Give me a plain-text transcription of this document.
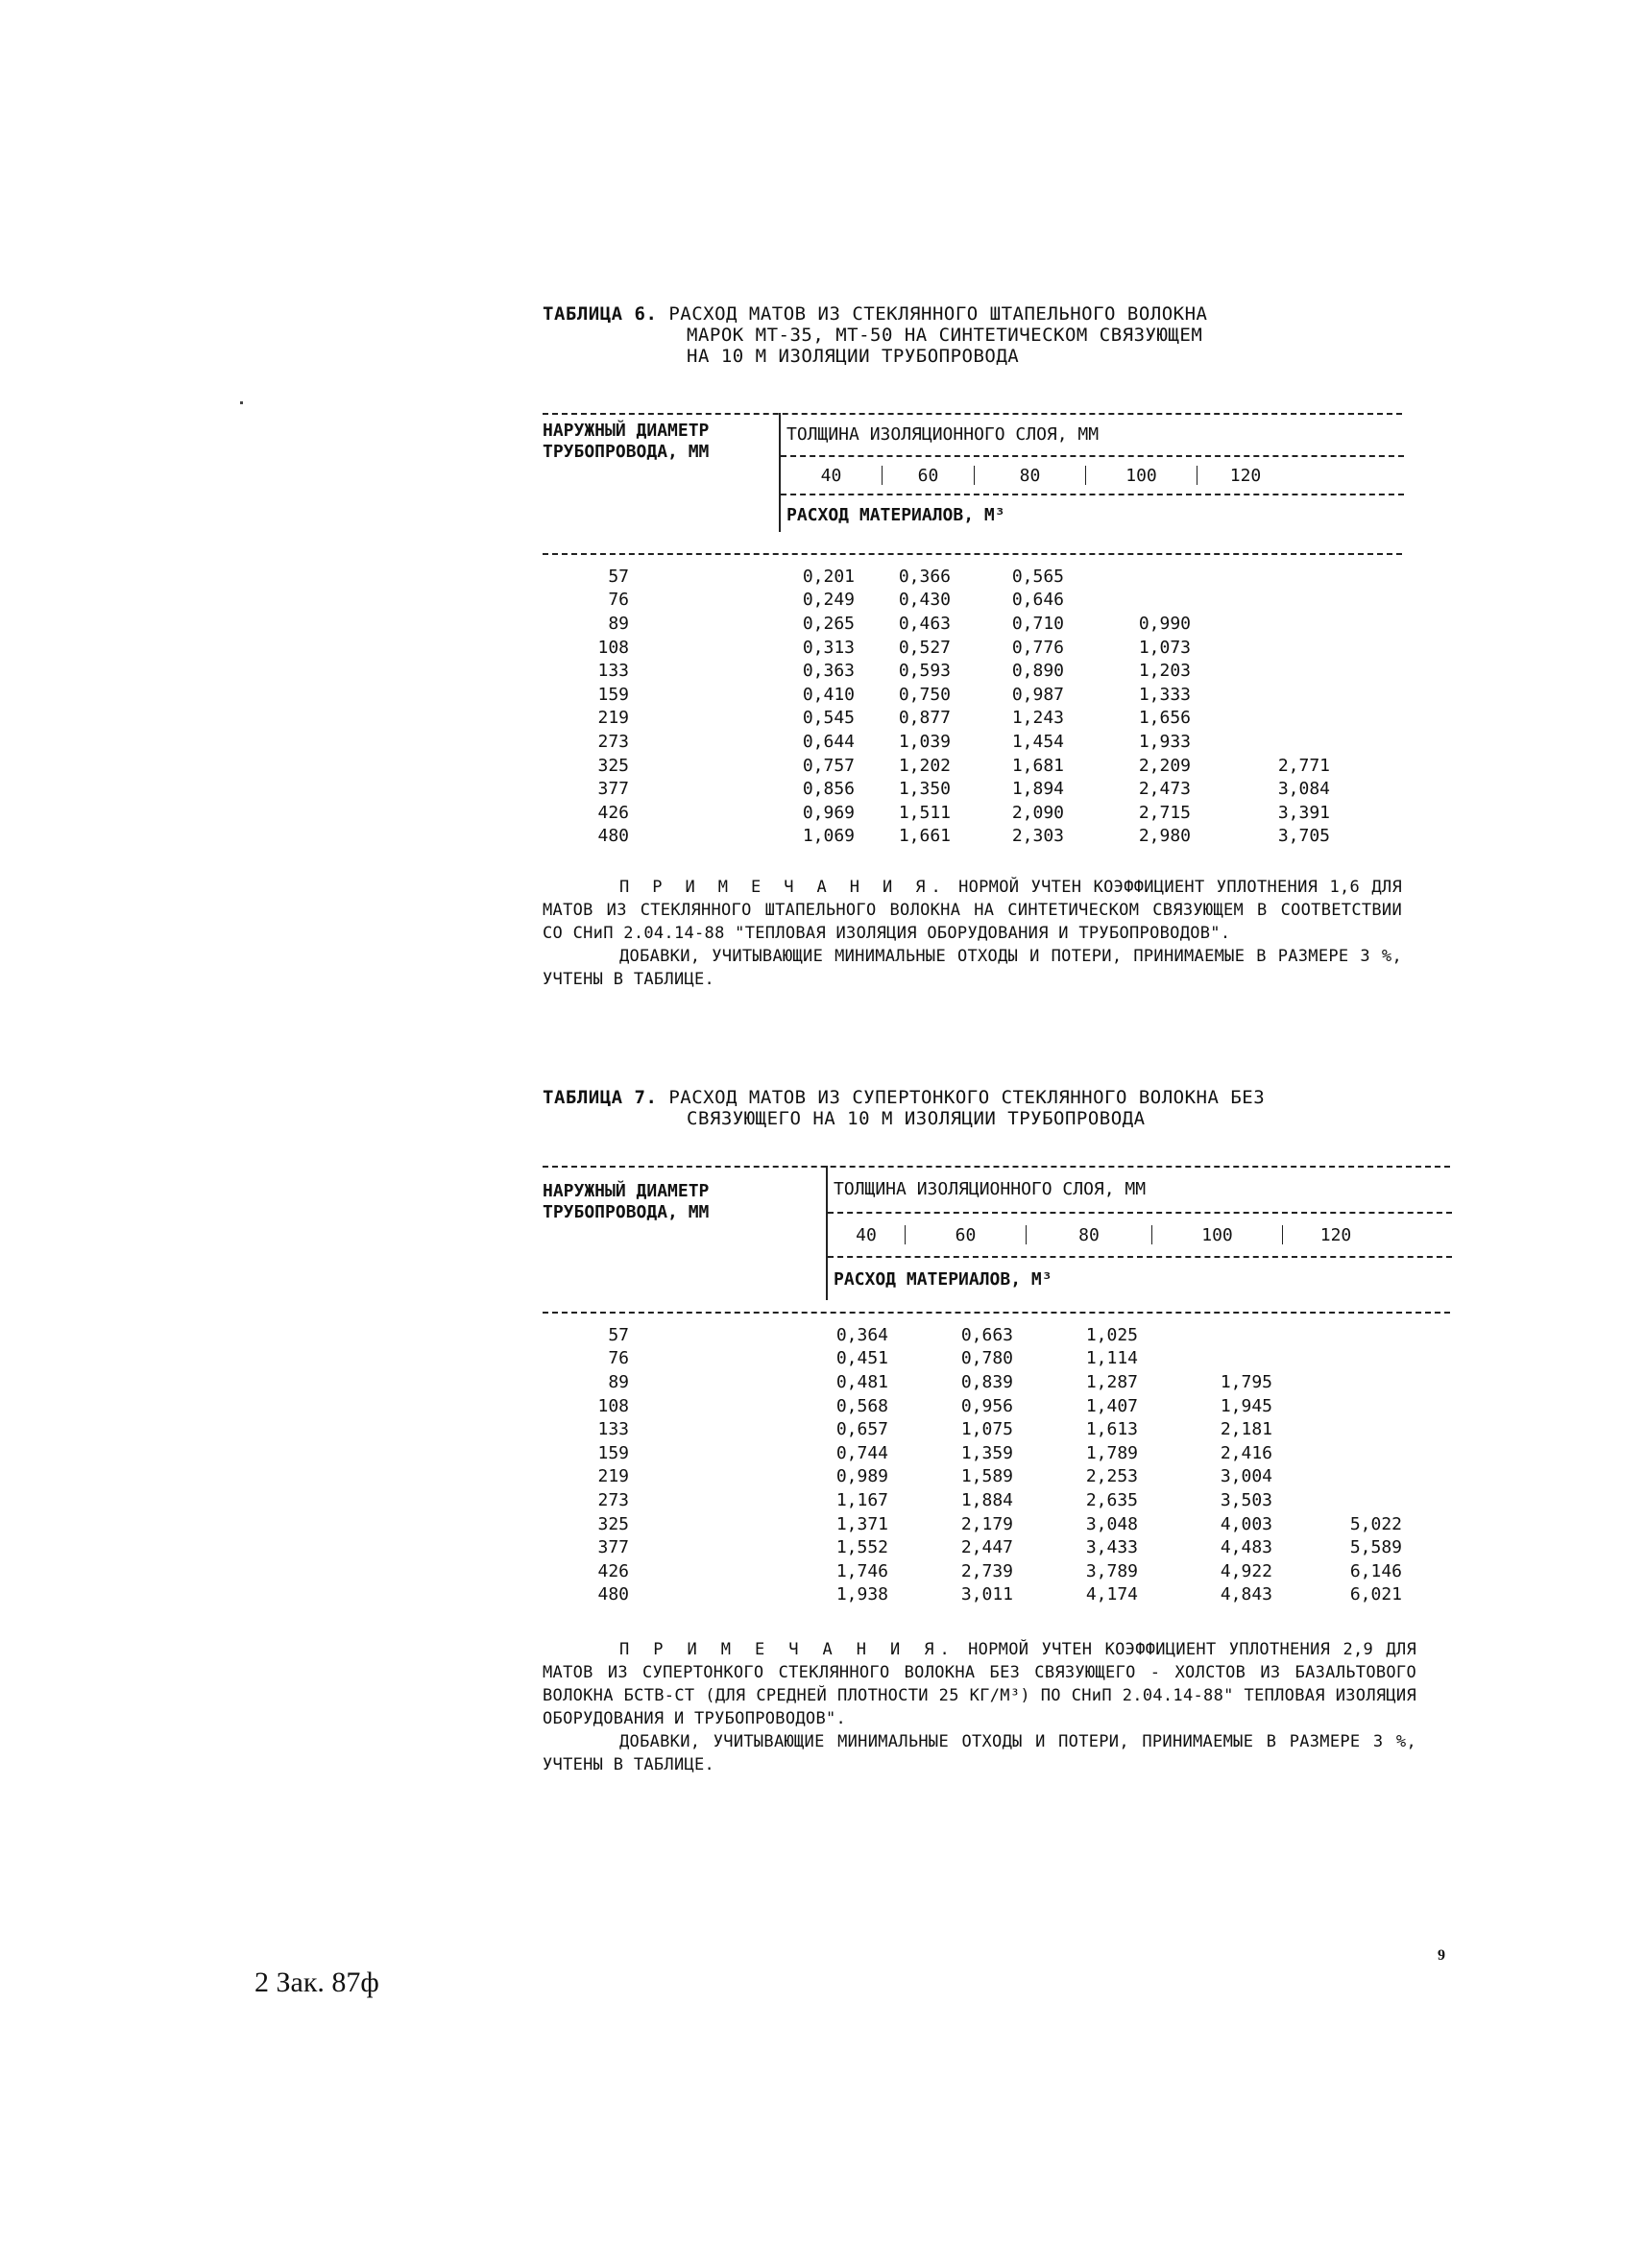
ТАБЛИЦА 6. РАСХОД МАТОВ ИЗ СТЕКЛЯННОГО ШТАПЕЛЬНОГО ВОЛОКНА
МАРОК МТ-35, МТ-50 НА СИНТЕТИЧЕСКОМ СВЯЗУЮЩЕМ
НА 10 М ИЗОЛЯЦИИ ТРУБОПРОВОДА
НАРУЖНЫЙ ДИАМЕТР
ТРУБОПРОВОДА, ММ
ТОЛЩИНА ИЗОЛЯЦИОННОГО СЛОЯ, ММ
40	60	80	100	120
РАСХОД МАТЕРИАЛОВ, М³
57	0,201	0,366	0,565		
76	0,249	0,430	0,646		
89	0,265	0,463	0,710	0,990	
108	0,313	0,527	0,776	1,073	
133	0,363	0,593	0,890	1,203	
159	0,410	0,750	0,987	1,333	
219	0,545	0,877	1,243	1,656	
273	0,644	1,039	1,454	1,933	
325	0,757	1,202	1,681	2,209	2,771
377	0,856	1,350	1,894	2,473	3,084
426	0,969	1,511	2,090	2,715	3,391
480	1,069	1,661	2,303	2,980	3,705

П Р И М Е Ч А Н И Я. НОРМОЙ УЧТЕН КОЭФФИЦИЕНТ УПЛОТНЕНИЯ 1,6 ДЛЯ МАТОВ ИЗ СТЕКЛЯННОГО ШТАПЕЛЬНОГО ВОЛОКНА НА СИНТЕТИЧЕСКОМ СВЯЗУЮЩЕМ В СООТВЕТСТВИИ СО СНиП 2.04.14-88 "ТЕПЛОВАЯ ИЗОЛЯЦИЯ ОБОРУДОВАНИЯ И ТРУБОПРОВОДОВ".

ДОБАВКИ, УЧИТЫВАЮЩИЕ МИНИМАЛЬНЫЕ ОТХОДЫ И ПОТЕРИ, ПРИНИМАЕМЫЕ В РАЗМЕРЕ 3 %, УЧТЕНЫ В ТАБЛИЦЕ.

ТАБЛИЦА 7. РАСХОД МАТОВ ИЗ СУПЕРТОНКОГО СТЕКЛЯННОГО ВОЛОКНА БЕЗ
СВЯЗУЮЩЕГО НА 10 М ИЗОЛЯЦИИ ТРУБОПРОВОДА
НАРУЖНЫЙ ДИАМЕТР
ТРУБОПРОВОДА, ММ
ТОЛЩИНА ИЗОЛЯЦИОННОГО СЛОЯ, ММ
40	60	80	100	120
РАСХОД МАТЕРИАЛОВ, М³
57	0,364	0,663	1,025		
76	0,451	0,780	1,114		
89	0,481	0,839	1,287	1,795	
108	0,568	0,956	1,407	1,945	
133	0,657	1,075	1,613	2,181	
159	0,744	1,359	1,789	2,416	
219	0,989	1,589	2,253	3,004	
273	1,167	1,884	2,635	3,503	
325	1,371	2,179	3,048	4,003	5,022
377	1,552	2,447	3,433	4,483	5,589
426	1,746	2,739	3,789	4,922	6,146
480	1,938	3,011	4,174	4,843	6,021

П Р И М Е Ч А Н И Я. НОРМОЙ УЧТЕН КОЭФФИЦИЕНТ УПЛОТНЕНИЯ 2,9 ДЛЯ МАТОВ ИЗ СУПЕРТОНКОГО СТЕКЛЯННОГО ВОЛОКНА БЕЗ СВЯЗУЮЩЕГО - ХОЛСТОВ ИЗ БАЗАЛЬТОВОГО ВОЛОКНА БСТВ-СТ (ДЛЯ СРЕДНЕЙ ПЛОТНОСТИ 25 КГ/М³) ПО СНиП 2.04.14-88" ТЕПЛОВАЯ ИЗОЛЯЦИЯ ОБОРУДОВАНИЯ И ТРУБОПРОВОДОВ".

ДОБАВКИ, УЧИТЫВАЮЩИЕ МИНИМАЛЬНЫЕ ОТХОДЫ И ПОТЕРИ, ПРИНИМАЕМЫЕ В РАЗМЕРЕ 3 %, УЧТЕНЫ В ТАБЛИЦЕ.

2 Зак. 87ф
9
